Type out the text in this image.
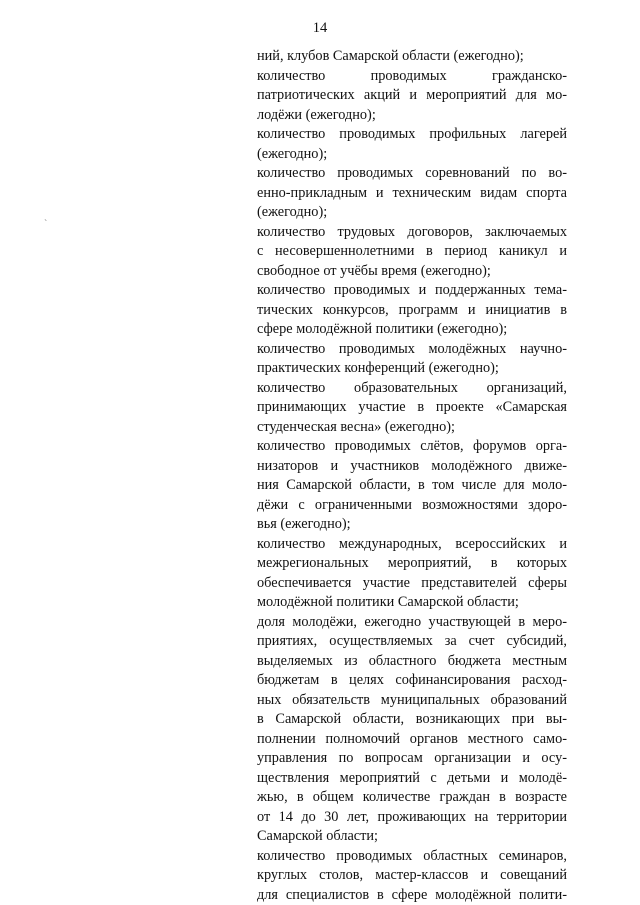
14
`
ний, клубов Самарской области (ежегодно);
количество проводимых гражданско-
патриотических акций и мероприятий для мо-
лодёжи (ежегодно);
количество проводимых профильных лагерей
(ежегодно);
количество проводимых соревнований по во-
енно-прикладным и техническим видам спорта
(ежегодно);
количество трудовых договоров, заключаемых
с несовершеннолетними в период каникул и
свободное от учёбы время (ежегодно);
количество проводимых и поддержанных тема-
тических конкурсов, программ и инициатив в
сфере молодёжной политики (ежегодно);
количество проводимых молодёжных научно-
практических конференций (ежегодно);
количество образовательных организаций,
принимающих участие в проекте «Самарская
студенческая весна» (ежегодно);
количество проводимых слётов, форумов орга-
низаторов и участников молодёжного движе-
ния Самарской области, в том числе для моло-
дёжи с ограниченными возможностями здоро-
вья (ежегодно);
количество международных, всероссийских и
межрегиональных мероприятий, в которых
обеспечивается участие представителей сферы
молодёжной политики Самарской области;
доля молодёжи, ежегодно участвующей в меро-
приятиях, осуществляемых за счет субсидий,
выделяемых из областного бюджета местным
бюджетам в целях софинансирования расход-
ных обязательств муниципальных образований
в Самарской области, возникающих при вы-
полнении полномочий органов местного само-
управления по вопросам организации и осу-
ществления мероприятий с детьми и молодё-
жью, в общем количестве граждан в возрасте
от 14 до 30 лет, проживающих на территории
Самарской области;
количество проводимых областных семинаров,
круглых столов, мастер-классов и совещаний
для специалистов в сфере молодёжной полити-
